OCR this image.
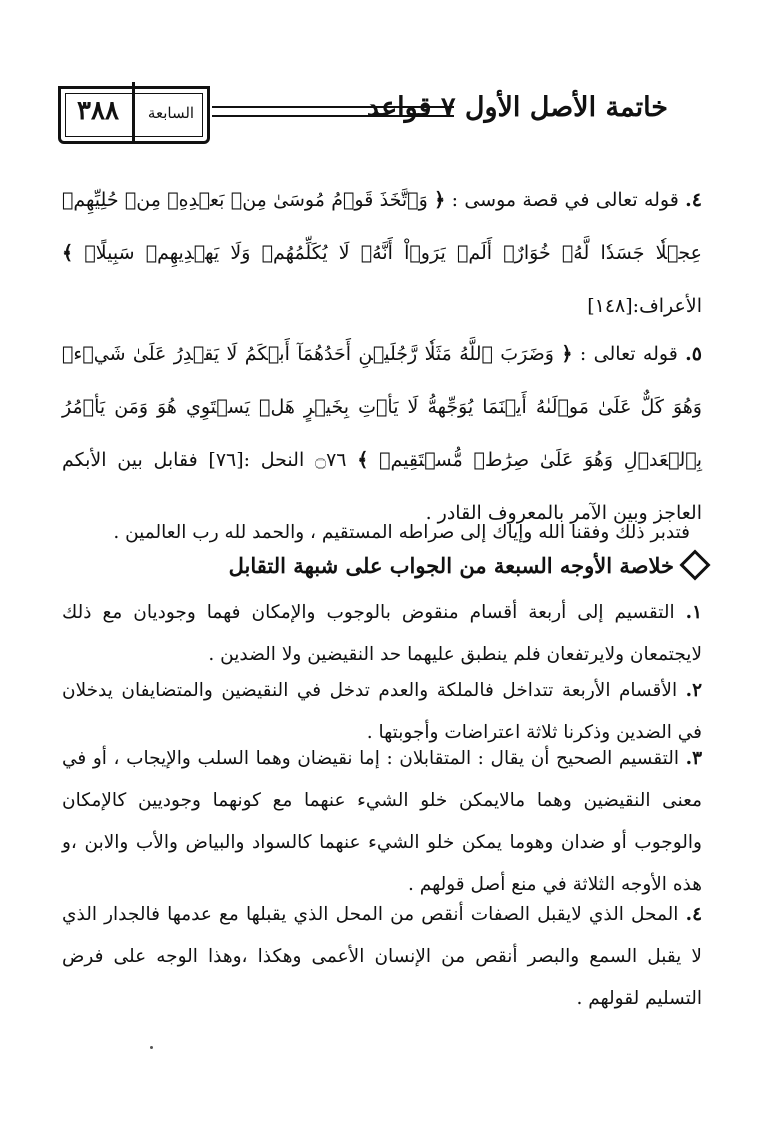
٣٨٨	السابعة	خاتمة الأصل الأول ٧ قواعد

٤. قوله تعالى في قصة موسى : ﴿ وَٱتَّخَذَ قَوۡمُ مُوسَىٰ مِنۢ بَعۡدِهِۦ مِنۡ حُلِيِّهِمۡ عِجۡلٗا جَسَدٗا لَّهُۥ خُوَارٌۚ أَلَمۡ يَرَوۡاْ أَنَّهُۥ لَا يُكَلِّمُهُمۡ وَلَا يَهۡدِيهِمۡ سَبِيلًاۘ ﴾ الأعراف:[١٤٨]

٥. قوله تعالى : ﴿ وَضَرَبَ ٱللَّهُ مَثَلٗا رَّجُلَيۡنِ أَحَدُهُمَآ أَبۡكَمُ لَا يَقۡدِرُ عَلَىٰ شَيۡءٖ وَهُوَ كَلٌّ عَلَىٰ مَوۡلَىٰهُ أَيۡنَمَا يُوَجِّههُّ لَا يَأۡتِ بِخَيۡرٍ هَلۡ يَسۡتَوِي هُوَ وَمَن يَأۡمُرُ بِٱلۡعَدۡلِ وَهُوَ عَلَىٰ صِرَٰطٖ مُّسۡتَقِيمٖ ﴾ ۝٧٦ النحل :[٧٦] فقابل بين الأبكم العاجز وبين الآمر بالمعروف القادر .

فتدبر ذلك وفقنا الله وإياك إلى صراطه المستقيم ، والحمد لله رب العالمين .

خلاصة الأوجه السبعة من الجواب على شبهة التقابل

١. التقسيم إلى أربعة أقسام منقوض بالوجوب والإمكان فهما وجوديان مع ذلك لايجتمعان ولايرتفعان فلم ينطبق عليهما حد النقيضين ولا الضدين .

٢. الأقسام الأربعة تتداخل فالملكة والعدم تدخل في النقيضين والمتضايفان يدخلان في الضدين وذكرنا ثلاثة اعتراضات وأجوبتها .

٣. التقسيم الصحيح أن يقال : المتقابلان : إما نقيضان وهما السلب والإيجاب ، أو في معنى النقيضين وهما مالايمكن خلو الشيء عنهما مع كونهما وجوديين كالإمكان والوجوب أو ضدان وهوما يمكن خلو الشيء عنهما كالسواد والبياض والأب والابن ،و هذه الأوجه الثلاثة في منع أصل قولهم .

٤. المحل الذي لايقبل الصفات أنقص من المحل الذي يقبلها مع عدمها فالجدار الذي لا يقبل السمع والبصر أنقص من الإنسان الأعمى وهكذا ،وهذا الوجه على فرض التسليم لقولهم .
